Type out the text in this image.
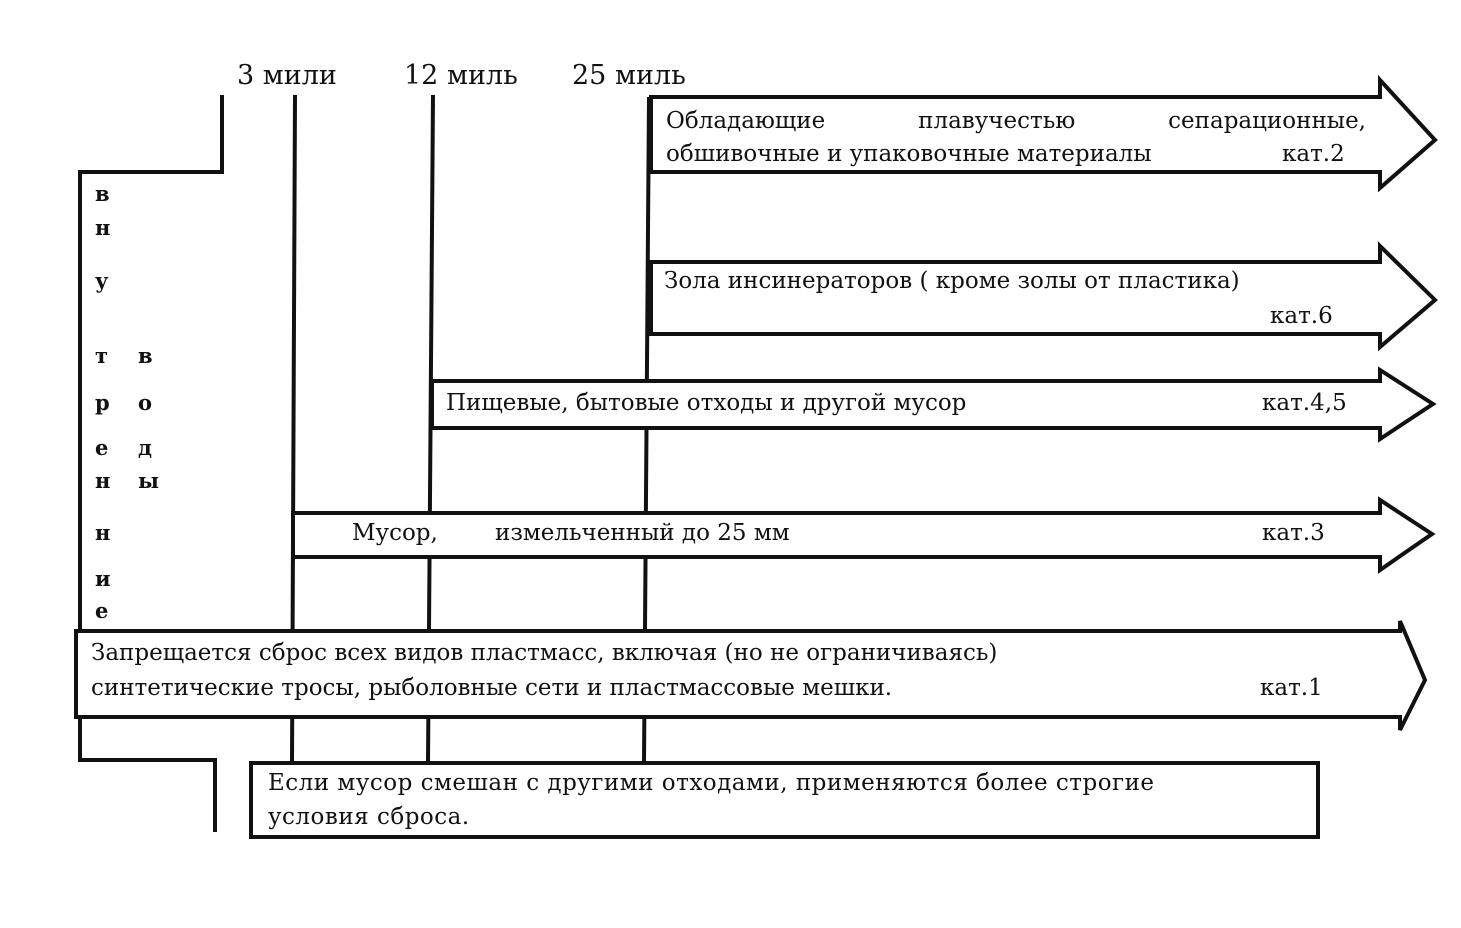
3 мили 12 миль 25 миль
в
н
у
т
р
е
н
н
и
е
в
о
д
ы
Обладающие	плавучестью	сепарационные,
обшивочные и упаковочные материалы	кат.2
Зола инсинераторов ( кроме золы от пластика)
кат.6
Пищевые, бытовые отходы и другой мусор	кат.4,5
Мусор, измельченный до 25 мм	кат.3
Запрещается сброс всех видов пластмасс, включая (но не ограничиваясь)
синтетические тросы, рыболовные сети и пластмассовые мешки.	кат.1
Если мусор смешан с другими отходами, применяются более строгие
условия сброса.
